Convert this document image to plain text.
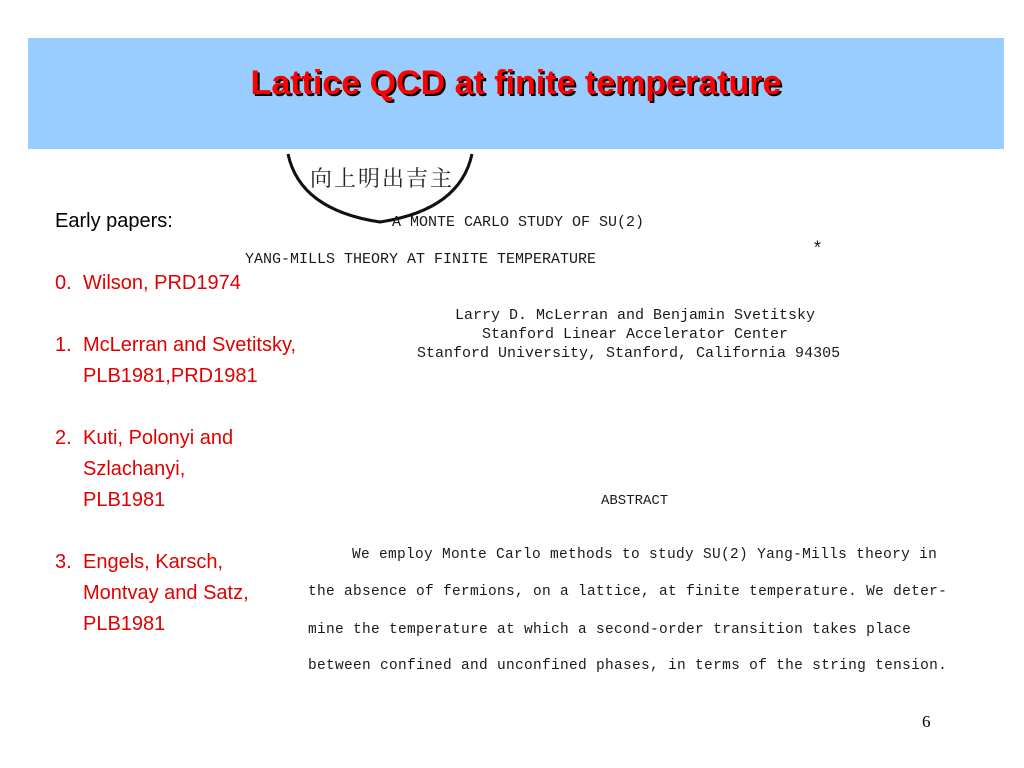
Lattice QCD at finite temperature
Early papers:
0. Wilson, PRD1974
1. McLerran and Svetitsky,
PLB1981,PRD1981
2. Kuti, Polonyi and
Szlachanyi,
PLB1981
3. Engels, Karsch,
Montvay and Satz,
PLB1981
向上明出吉主
A MONTE CARLO STUDY OF SU(2)
YANG-MILLS THEORY AT FINITE TEMPERATURE	*
Larry D. McLerran and Benjamin Svetitsky
Stanford Linear Accelerator Center
Stanford University, Stanford, California 94305
ABSTRACT
We employ Monte Carlo methods to study SU(2) Yang-Mills theory in
the absence of fermions, on a lattice, at finite temperature. We deter-
mine the temperature at which a second-order transition takes place
between confined and unconfined phases, in terms of the string tension.
6
